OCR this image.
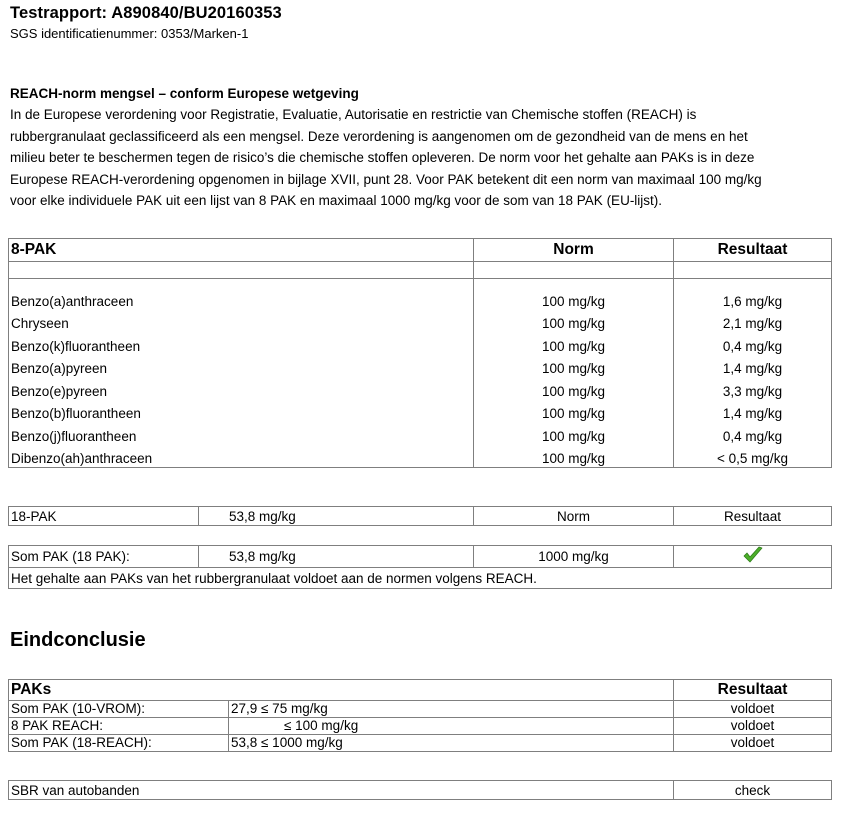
Testrapport: A890840/BU20160353
SGS identificatienummer: 0353/Marken-1
REACH-norm mengsel – conform Europese wetgeving
In de Europese verordening voor Registratie, Evaluatie, Autorisatie en restrictie van Chemische stoffen (REACH) is
rubbergranulaat geclassificeerd als een mengsel. Deze verordening is aangenomen om de gezondheid van de mens en het
milieu beter te beschermen tegen de risico’s die chemische stoffen opleveren. De norm voor het gehalte aan PAKs is in deze
Europese REACH-verordening opgenomen in bijlage XVII, punt 28. Voor PAK betekent dit een norm van maximaal 100 mg/kg
voor elke individuele PAK uit een lijst van 8 PAK en maximaal 1000 mg/kg voor de som van 18 PAK (EU-lijst).
8-PAK	Norm	Resultaat

Benzo(a)anthraceen	100 mg/kg	1,6 mg/kg
Chryseen	100 mg/kg	2,1 mg/kg
Benzo(k)fluorantheen	100 mg/kg	0,4 mg/kg
Benzo(a)pyreen	100 mg/kg	1,4 mg/kg
Benzo(e)pyreen	100 mg/kg	3,3 mg/kg
Benzo(b)fluorantheen	100 mg/kg	1,4 mg/kg
Benzo(j)fluorantheen	100 mg/kg	0,4 mg/kg
Dibenzo(ah)anthraceen	100 mg/kg	< 0,5 mg/kg
18-PAK	53,8 mg/kg	Norm	Resultaat
Som PAK (18 PAK):	53,8 mg/kg	1000 mg/kg	
Het gehalte aan PAKs van het rubbergranulaat voldoet aan de normen volgens REACH.
Eindconclusie
PAKs		Resultaat
Som PAK (10-VROM):	27,9 ≤ 75 mg/kg	voldoet
8 PAK REACH:	≤ 100 mg/kg	voldoet
Som PAK (18-REACH):	53,8 ≤ 1000 mg/kg	voldoet
SBR van autobanden	check
